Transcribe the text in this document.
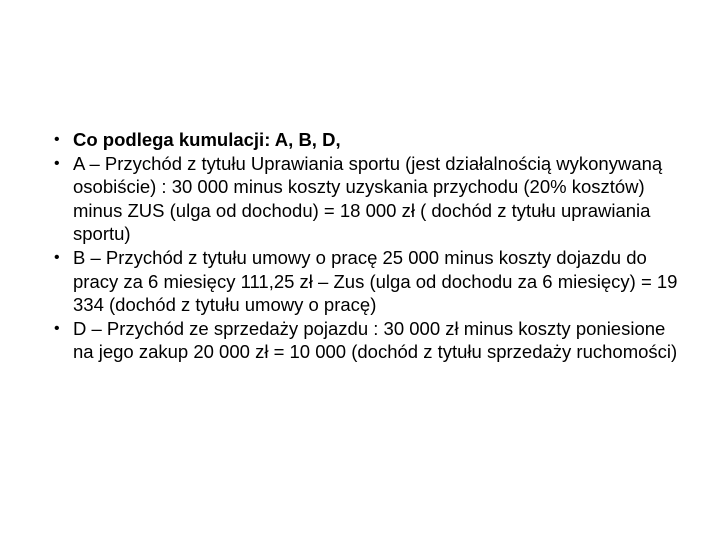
• Co podlega kumulacji: A, B, D,
• A – Przychód z tytułu Uprawiania sportu (jest działalnością wykonywaną osobiście) : 30 000 minus koszty uzyskania przychodu (20% kosztów) minus ZUS (ulga od dochodu) = 18 000 zł ( dochód z tytułu uprawiania sportu)
• B – Przychód z tytułu umowy o pracę 25 000 minus koszty dojazdu do pracy za 6 miesięcy 111,25 zł – Zus (ulga od dochodu za 6 miesięcy) = 19 334 (dochód z tytułu umowy o pracę)
• D – Przychód ze sprzedaży pojazdu : 30 000 zł minus koszty poniesione na jego zakup 20 000 zł = 10 000 (dochód z tytułu sprzedaży ruchomości)
